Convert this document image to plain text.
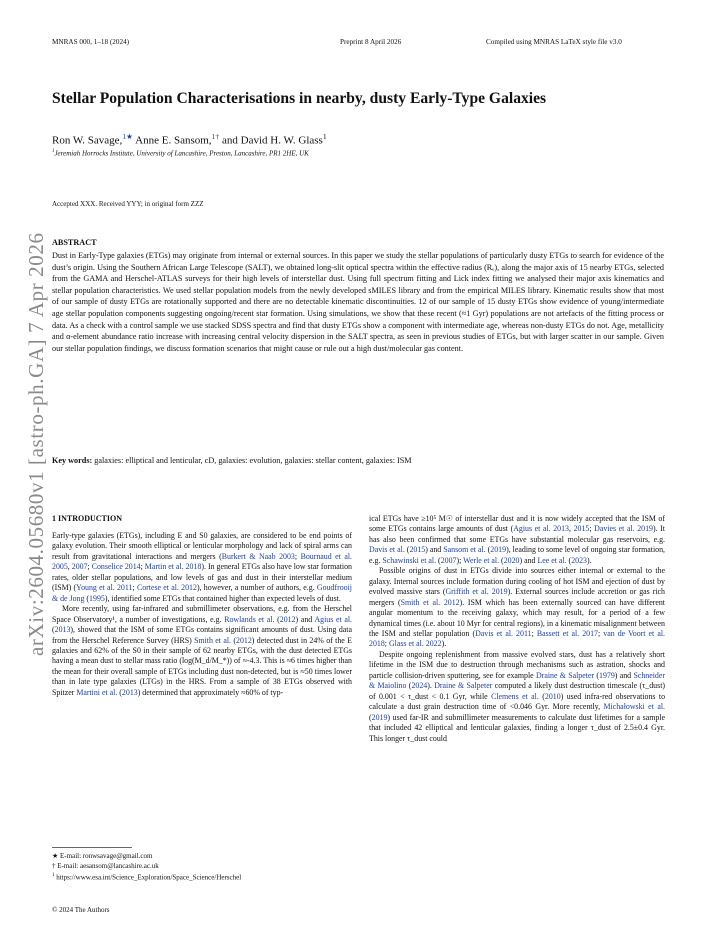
MNRAS 000, 1–18 (2024)	Preprint 8 April 2026	Compiled using MNRAS LaTeX style file v3.0
arXiv:2604.05680v1 [astro-ph.GA] 7 Apr 2026
Stellar Population Characterisations in nearby, dusty Early-Type Galaxies
Ron W. Savage,$^{1★}$ Anne E. Sansom,$^{1\dagger}$ and David H. W. Glass$^1$
$^1$Jeremiah Horrocks Institute, University of Lancashire, Preston, Lancashire, PR1 2HE, UK
Accepted XXX. Received YYY; in original form ZZZ
ABSTRACT
Dust in Early-Type galaxies (ETGs) may originate from internal or external sources. In this paper we study the stellar populations of particularly dusty ETGs to search for evidence of the dust’s origin. Using the Southern African Large Telescope (SALT), we obtained long-slit optical spectra within the effective radius (Rₑ), along the major axis of 15 nearby ETGs, selected from the GAMA and Herschel-ATLAS surveys for their high levels of interstellar dust. Using full spectrum fitting and Lick index fitting we analysed their major axis kinematics and stellar population characteristics. We used stellar population models from the newly developed sMILES library and from the empirical MILES library. Kinematic results show that most of our sample of dusty ETGs are rotationally supported and there are no detectable kinematic discontinuities. 12 of our sample of 15 dusty ETGs show evidence of young/intermediate age stellar population components suggesting ongoing/recent star formation. Using simulations, we show that these recent (≈1 Gyr) populations are not artefacts of the fitting process or data. As a check with a control sample we use stacked SDSS spectra and find that dusty ETGs show a component with intermediate age, whereas non-dusty ETGs do not. Age, metallicity and α-element abundance ratio increase with increasing central velocity dispersion in the SALT spectra, as seen in previous studies of ETGs, but with larger scatter in our sample. Given our stellar population findings, we discuss formation scenarios that might cause or rule out a high dust/molecular gas content.
Key words: galaxies: elliptical and lenticular, cD, galaxies: evolution, galaxies: stellar content, galaxies: ISM
1 INTRODUCTION

Early-type galaxies (ETGs), including E and S0 galaxies, are considered to be end points of galaxy evolution. Their smooth elliptical or lenticular morphology and lack of spiral arms can result from gravitational interactions and mergers (Burkert & Naab 2003; Bournaud et al. 2005, 2007; Conselice 2014; Martin et al. 2018). In general ETGs also have low star formation rates, older stellar populations, and low levels of gas and dust in their interstellar medium (ISM) (Young et al. 2011; Cortese et al. 2012), however, a number of authors, e.g. Goudfrooij & de Jong (1995), identified some ETGs that contained higher than expected levels of dust.

More recently, using far-infrared and submillimeter observations, e.g. from the Herschel Space Observatory¹, a number of investigations, e.g. Rowlands et al. (2012) and Agius et al. (2013), showed that the ISM of some ETGs contains significant amounts of dust. Using data from the Herschel Reference Survey (HRS) Smith et al. (2012) detected dust in 24% of the E galaxies and 62% of the S0 in their sample of 62 nearby ETGs, with the dust detected ETGs having a mean dust to stellar mass ratio (log(M_d/M_*)) of ≈-4.3. This is ≈6 times higher than the mean for their overall sample of ETGs including dust non-detected, but is ≈50 times lower than in late type galaxies (LTGs) in the HRS. From a sample of 38 ETGs observed with Spitzer Martini et al. (2013) determined that approximately ≈60% of typ-

ical ETGs have ≥10⁵ M☉ of interstellar dust and it is now widely accepted that the ISM of some ETGs contains large amounts of dust (Agius et al. 2013, 2015; Davies et al. 2019). It has also been confirmed that some ETGs have substantial molecular gas reservoirs, e.g. Davis et al. (2015) and Sansom et al. (2019), leading to some level of ongoing star formation, e.g. Schawinski et al. (2007); Werle et al. (2020) and Lee et al. (2023).

Possible origins of dust in ETGs divide into sources either internal or external to the galaxy. Internal sources include formation during cooling of hot ISM and ejection of dust by evolved massive stars (Griffith et al. 2019). External sources include accretion or gas rich mergers (Smith et al. 2012). ISM which has been externally sourced can have different angular momentum to the receiving galaxy, which may result, for a period of a few dynamical times (i.e. about 10 Myr for central regions), in a kinematic misalignment between the ISM and stellar population (Davis et al. 2011; Bassett et al. 2017; van de Voort et al. 2018; Glass et al. 2022).

Despite ongoing replenishment from massive evolved stars, dust has a relatively short lifetime in the ISM due to destruction through mechanisms such as astration, shocks and particle collision-driven sputtering, see for example Draine & Salpeter (1979) and Schneider & Maiolino (2024). Draine & Salpeter computed a likely dust destruction timescale (τ_dust) of 0.001 < τ_dust < 0.1 Gyr, while Clemens et al. (2010) used infra-red observations to calculate a dust grain destruction time of <0.046 Gyr. More recently, Michałowski et al. (2019) used far-IR and submillimeter measurements to calculate dust lifetimes for a sample that included 42 elliptical and lenticular galaxies, finding a longer τ_dust of 2.5±0.4 Gyr. This longer τ_dust could

★ E-mail: ronwsavage@gmail.com
† E-mail: aesansom@lancashire.ac.uk
$^1$ https://www.esa.int/Science_Exploration/Space_Science/Herschel
© 2024 The Authors
